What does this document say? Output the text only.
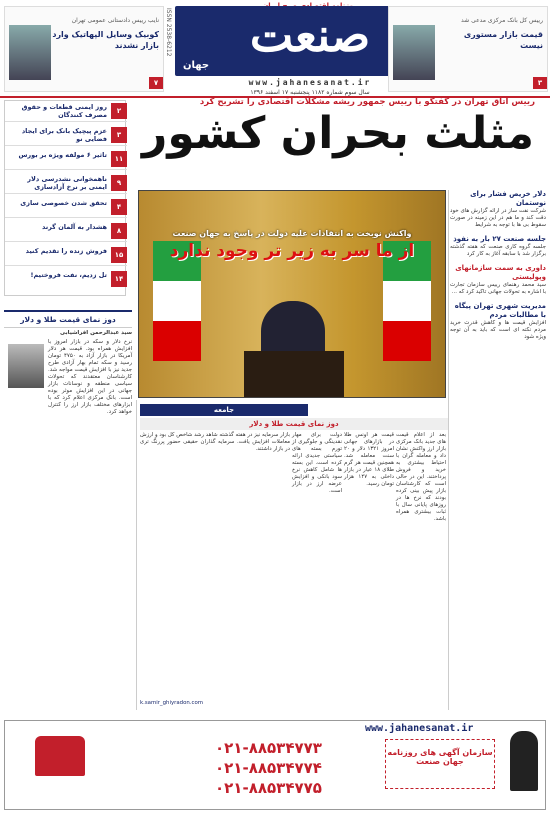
صنعت
جهان
www.jahanesanat.ir
سال سوم شماره ۱۱۸۲ پنجشنبه ۱۷ اسفند ۱۳۹۶
ISSN 2538-6212	رییس کل بانک مرکزی مدعی شد
قیمت بازار مستوری نیست
۳
نایب رییس دادستانی عمومی تهران
کوبیک وسایل الپهاتیک وارد بازار نشدند
۷
رییس اتاق تهران در گفتگو با رییس جمهور ریشه مشکلات اقتصادی را تشریح کرد
مثلث بحران کشور
روز ایمنی قطعات و حقوق مصرف کنندگان	۲
عزم پیچیک بانک برای ایجاد فضایی نو	۳
تاثیر ۶ مولفه ویژه بر بورس	۱۱
ناهمخوانی نشدرسی دلار ایمنی بر نرخ آزادسازی	۹
تحقق شدن خصوصی سازی	۴
هشدار به آلمان گرند	۸
فروش زنده را تقدیم کنید	۱۵
تل زدیم، نفت فروختیم!	۱۴
واکنش نوبخت به انتقادات علیه دولت در پاسخ به جهان صنعت
از ما سر به زیر تر وجود ندارد
دلار خریص فشار برای نوستمان
شرکت نفت ساز در ارائه گزارش های خود دقت کند و ما هم در این زمینه در صورت سقوط بی ها با توجه به شرایط
جلسه صنعت ۲۷ بار به نفوذ
جلسه گروه کاری صنعت که هفته گذشته برگزار شد با سابقه آغاز به کار کرد
داوری به سمت سازمانهای وپولیستی
سید محمد رهنمای رییس سازمان تجارت با اشاره به تحولات جهانی تاکید کرد که ...
مدیریت شهری تهران پیگاه با مطالبات مردم
افزایش قیمت ها و کاهش قدرت خرید مردم نکته ای است که باید به آن توجه ویژه شود
دوز نمای قیمت طلا و دلار
سید عبدالرحمن افراشیابی
نرخ دلار و سکه در بازار امروز با افزایش همراه بود. قیمت هر دلار آمریکا در بازار آزاد به ۴۷۵۰ تومان رسید و سکه تمام بهار آزادی طرح جدید نیز با افزایش قیمت مواجه شد. کارشناسان معتقدند که تحولات سیاسی منطقه و نوسانات بازار جهانی در این افزایش موثر بوده است. بانک مرکزی اعلام کرد که با ابزارهای مختلف بازار ارز را کنترل خواهد کرد.	جامعه
دوز نمای قیمت طلا و دلار
بعد از اعلام قیمت های جدید بانک مرکزی بازار ارز واکنش نشان داد و معامله گران با احتیاط بیشتری به خرید و فروش پرداختند. این در حالی است که کارشناسان بازار پیش بینی کرده بودند که نرخ ها در روزهای پایانی سال با ثبات بیشتری همراه باشد.
قیمت هر اونس طلا در بازارهای جهانی امروز ۱۳۲۱ دلار و ۲۰ سنت معامله شد. همچنین قیمت هر گرم طلای ۱۸ عیار در بازار داخلی به ۱۴۷ هزار تومان رسید.
دولت برای مهار نقدینگی و جلوگیری از تورم بسته های سیاستی جدیدی ارائه کرده است. این بسته ها شامل کاهش نرخ سود بانکی و افزایش عرضه ارز در بازار است.
بازار سرمایه نیز در هفته گذشته شاهد رشد شاخص کل بود و ارزش معاملات افزایش یافت. سرمایه گذاران حقیقی حضور پررنگ تری در بازار داشتند.
k.samir_ghiyradon.com
www.jahanesanat.ir
۰۲۱-۸۸۵۳۴۷۷۳
۰۲۱-۸۸۵۳۴۷۷۴
۰۲۱-۸۸۵۳۴۷۷۵
سازمان آگهی های روزنامه جهان صنعت
